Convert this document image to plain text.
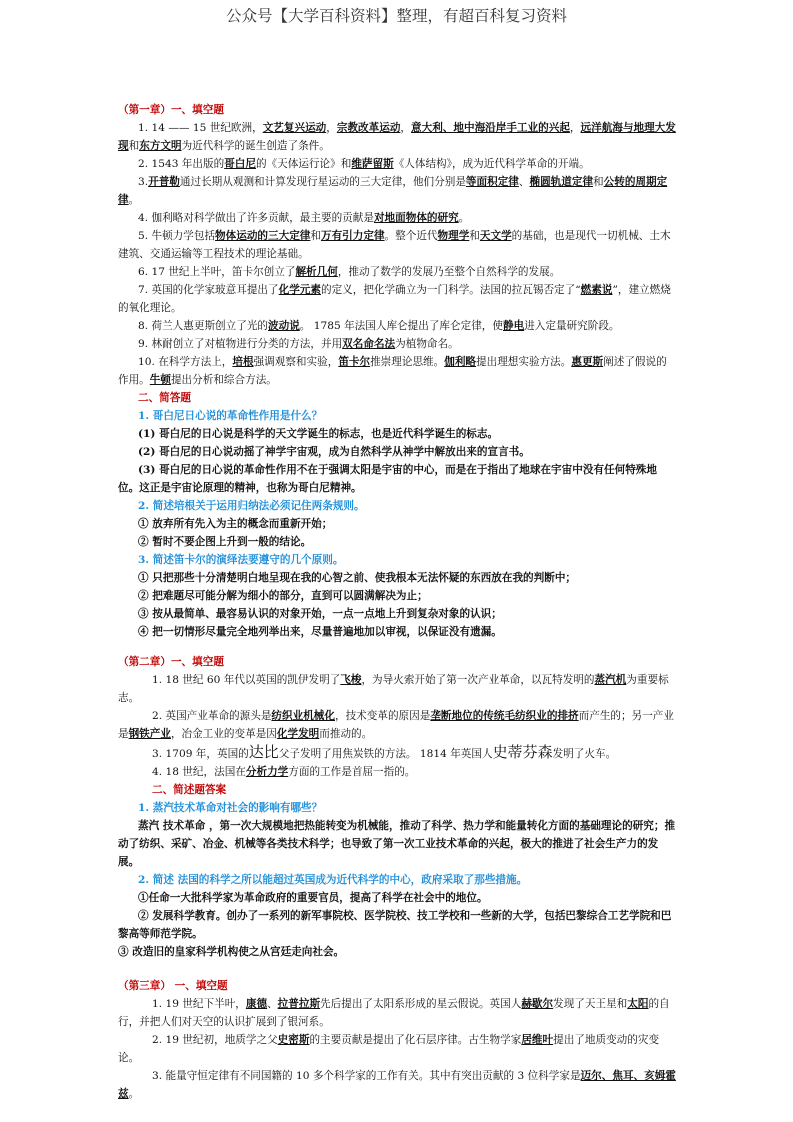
公众号【大学百科资料】整理，有超百科复习资料

（第一章）一、填空题

1. 14 —— 15 世纪欧洲，文艺复兴运动，宗教改革运动，意大利、地中海沿岸手工业的兴起，远洋航海与地理大发现和东方文明为近代科学的诞生创造了条件。

2. 1543 年出版的哥白尼的《天体运行论》和维萨留斯《人体结构》，成为近代科学革命的开端。

3.开普勒通过长期从观测和计算发现行星运动的三大定律，他们分别是等面积定律、椭圆轨道定律和公转的周期定律。

4. 伽利略对科学做出了许多贡献，最主要的贡献是对地面物体的研究。

5. 牛顿力学包括物体运动的三大定律和万有引力定律。整个近代物理学和天文学的基础，也是现代一切机械、土木建筑、交通运输等工程技术的理论基础。

6. 17 世纪上半叶，笛卡尔创立了解析几何，推动了数学的发展乃至整个自然科学的发展。

7. 英国的化学家玻意耳提出了化学元素的定义，把化学确立为一门科学。法国的拉瓦锡否定了“燃素说”，建立燃烧的氧化理论。

8. 荷兰人惠更斯创立了光的波动说。 1785 年法国人库仑提出了库仑定律，使静电进入定量研究阶段。

9. 林耐创立了对植物进行分类的方法，并用双名命名法为植物命名。

10. 在科学方法上，培根强调观察和实验，笛卡尔推崇理论思维。伽利略提出理想实验方法。惠更斯阐述了假说的作用。牛顿提出分析和综合方法。

二、简答题

1. 哥白尼日心说的革命性作用是什么？

(1) 哥白尼的日心说是科学的天文学诞生的标志，也是近代科学诞生的标志。

(2) 哥白尼的日心说动摇了神学宇宙观，成为自然科学从神学中解放出来的宣言书。

(3) 哥白尼的日心说的革命性作用不在于强调太阳是宇宙的中心，而是在于指出了地球在宇宙中没有任何特殊地位。这正是宇宙论原理的精神，也称为哥白尼精神。

2. 简述培根关于运用归纳法必须记住两条规则。

① 放弃所有先入为主的概念而重新开始；

② 暂时不要企图上升到一般的结论。

3. 简述笛卡尔的演绎法要遵守的几个原则。

① 只把那些十分清楚明白地呈现在我的心智之前、使我根本无法怀疑的东西放在我的判断中；

② 把难题尽可能分解为细小的部分，直到可以圆满解决为止；

③ 按从最简单、最容易认识的对象开始，一点一点地上升到复杂对象的认识；

④ 把一切情形尽量完全地列举出来，尽量普遍地加以审视，以保证没有遗漏。

（第二章）一、填空题

1. 18 世纪 60 年代以英国的凯伊发明了飞梭，为导火索开始了第一次产业革命，以瓦特发明的蒸汽机为重要标志。

2. 英国产业革命的源头是纺织业机械化，技术变革的原因是垄断地位的传统毛纺织业的排挤而产生的；另一产业是钢铁产业，冶金工业的变革是因化学发明而推动的。

3. 1709 年，英国的达比父子发明了用焦炭铁的方法。 1814 年英国人史蒂芬森发明了火车。

4. 18 世纪，法国在分析力学方面的工作是首屈一指的。

二、简述题答案

1. 蒸汽技术革命对社会的影响有哪些？

蒸汽 技术革命 ，第一次大规模地把热能转变为机械能，推动了科学、热力学和能量转化方面的基础理论的研究；推动了纺织、采矿、冶金、机械等各类技术科学；也导致了第一次工业技术革命的兴起，极大的推进了社会生产力的发展。

2. 简述 法国的科学之所以能超过英国成为近代科学的中心，政府采取了那些措施。

①任命一大批科学家为革命政府的重要官员，提高了科学在社会中的地位。

② 发展科学教育。创办了一系列的新军事院校、医学院校、技工学校和一些新的大学，包括巴黎综合工艺学院和巴黎高等师范学院。

③ 改造旧的皇家科学机构使之从宫廷走向社会。

（第三章） 一、填空题

1. 19 世纪下半叶，康德、拉普拉斯先后提出了太阳系形成的星云假说。英国人赫歇尔发现了天王星和太阳的自行，并把人们对天空的认识扩展到了银河系。

2. 19 世纪初，地质学之父史密斯的主要贡献是提出了化石层序律。古生物学家居维叶提出了地质变动的灾变论。

3. 能量守恒定律有不同国籍的 10 多个科学家的工作有关。其中有突出贡献的 3 位科学家是迈尔、焦耳、亥姆霍兹。
